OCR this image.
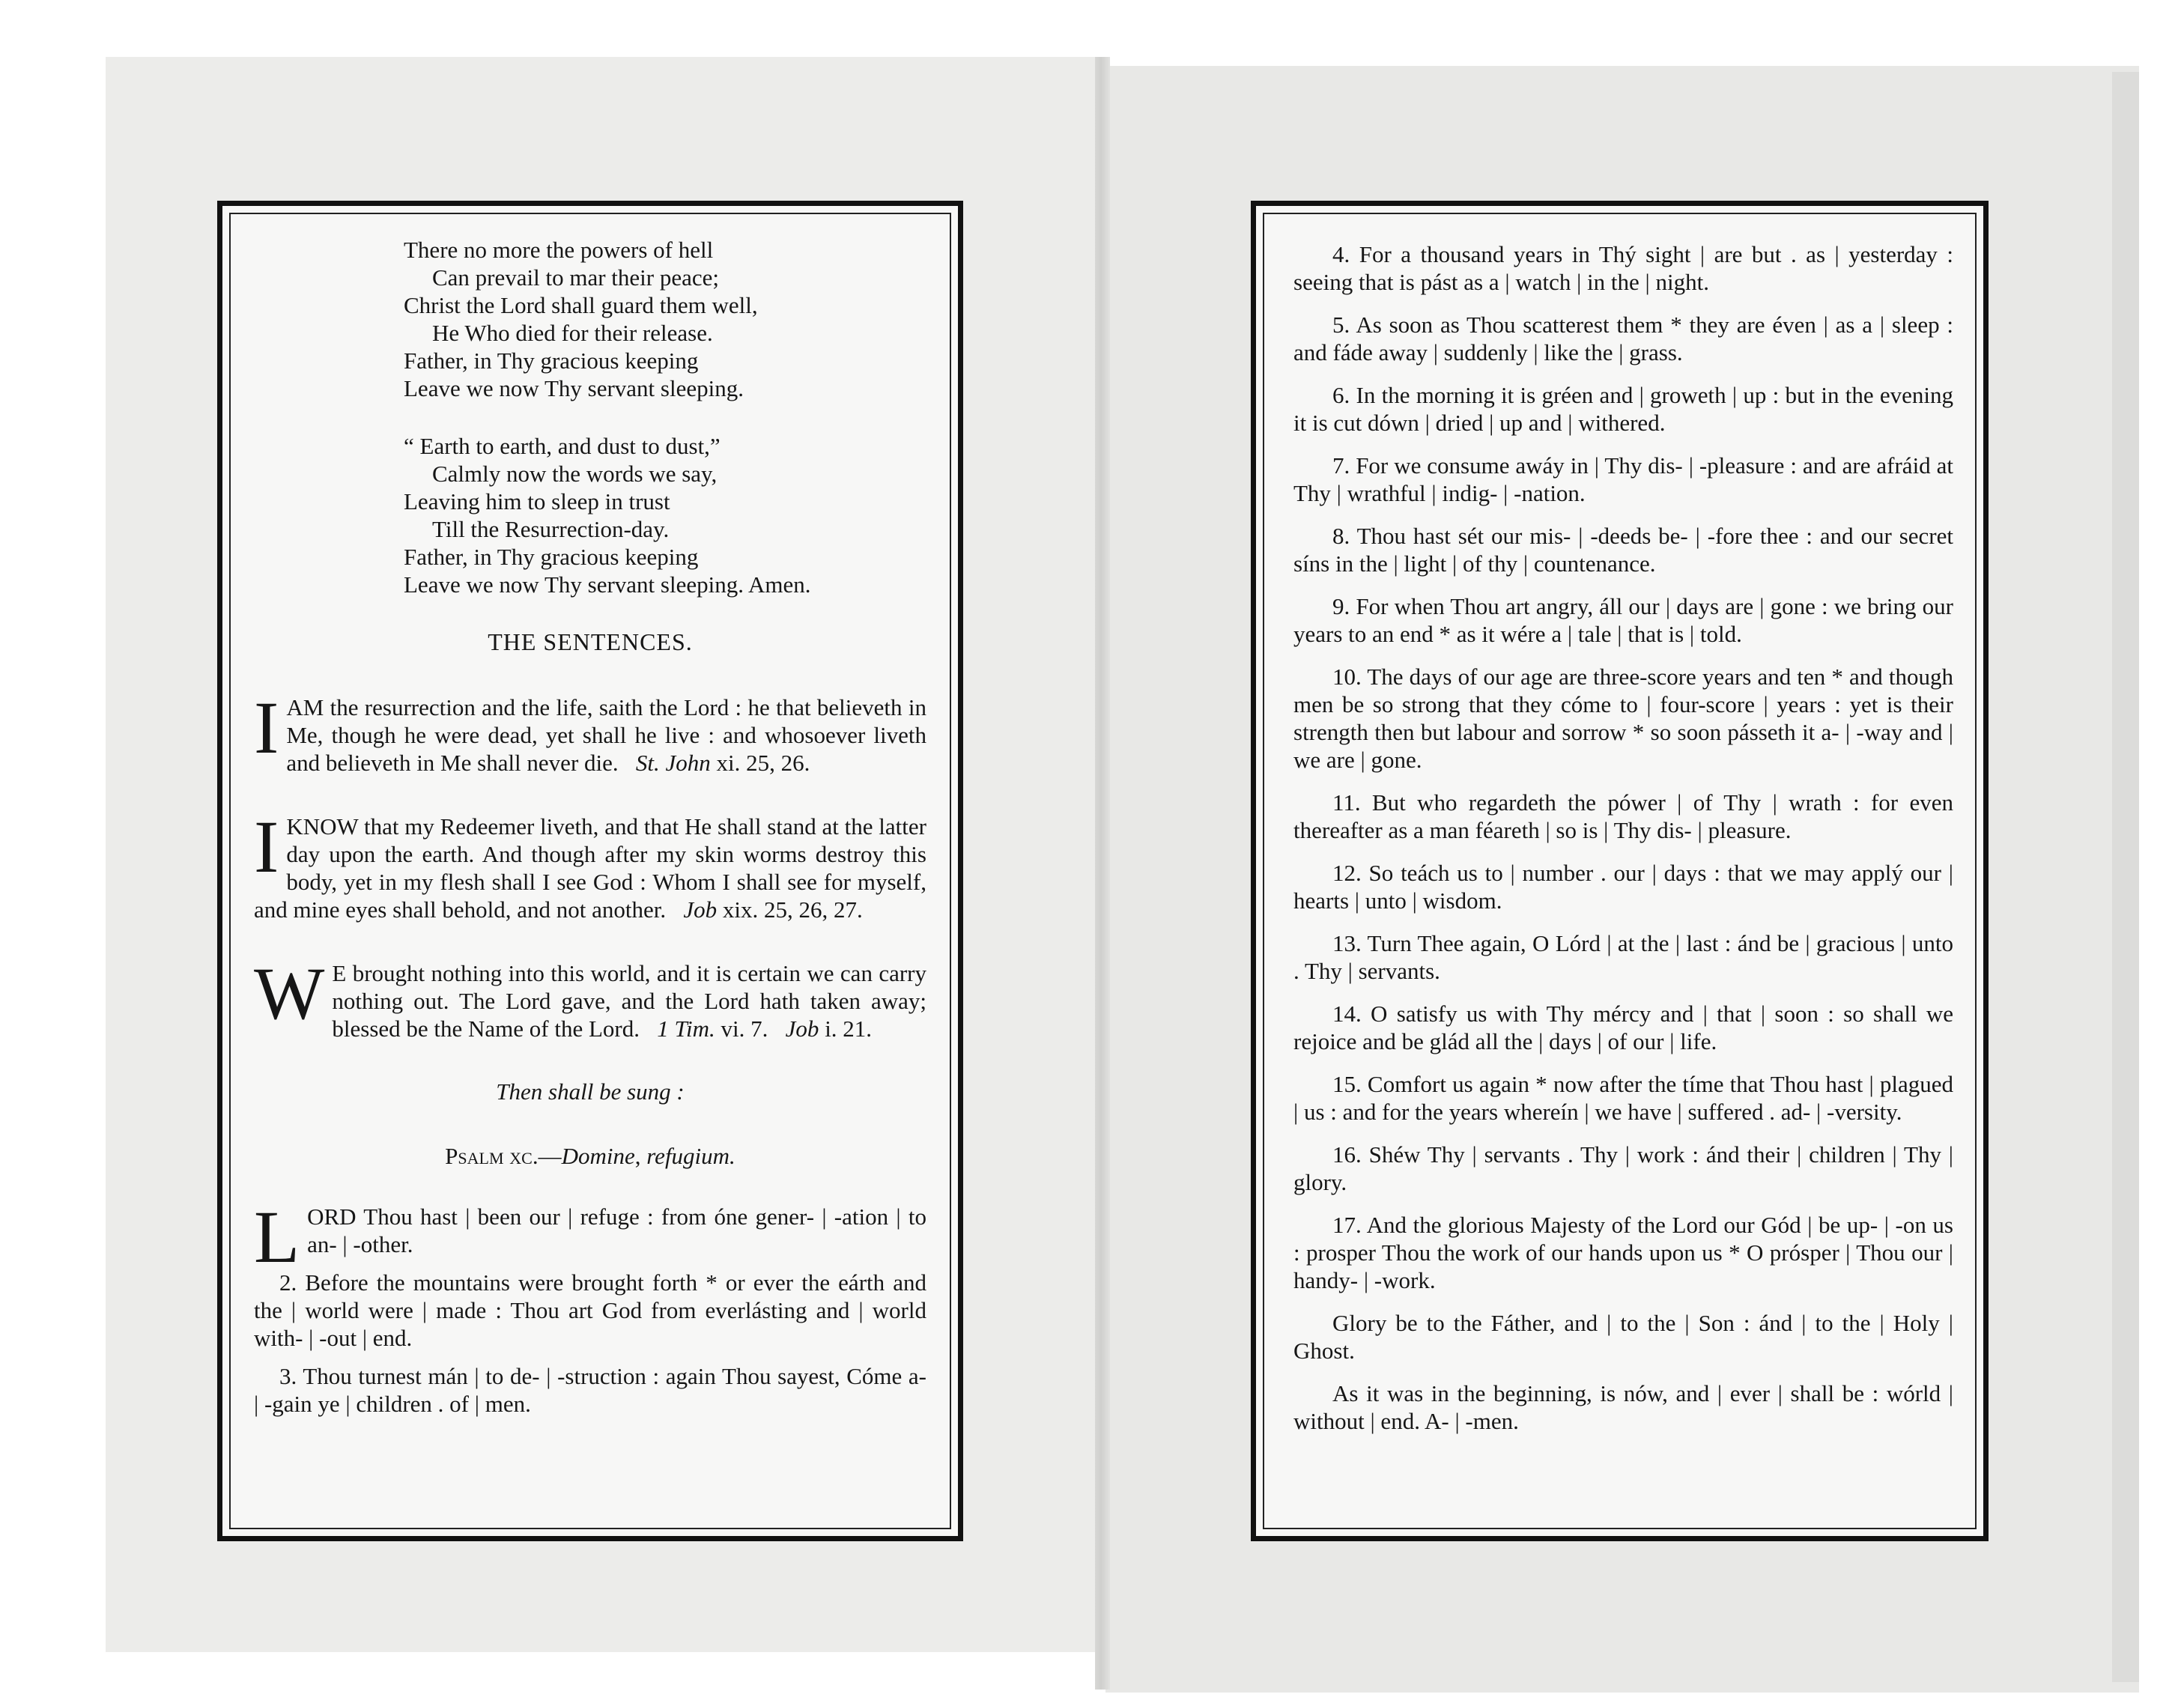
There no more the powers of hell
Can prevail to mar their peace;
Christ the Lord shall guard them well,
He Who died for their release.
Father, in Thy gracious keeping
Leave we now Thy servant sleeping.
“ Earth to earth, and dust to dust,”
Calmly now the words we say,
Leaving him to sleep in trust
Till the Resurrection-day.
Father, in Thy gracious keeping
Leave we now Thy servant sleeping. Amen.
THE SENTENCES.
IAM the resurrection and the life, saith the Lord : he that believeth in Me, though he were dead, yet shall he live : and whosoever liveth and believeth in Me shall never die. St. John xi. 25, 26.
IKNOW that my Redeemer liveth, and that He shall stand at the latter day upon the earth. And though after my skin worms destroy this body, yet in my flesh shall I see God : Whom I shall see for myself, and mine eyes shall behold, and not another. Job xix. 25, 26, 27.
W E brought nothing into this world, and it is certain we can carry nothing out. The Lord gave, and the Lord hath taken away; blessed be the Name of the Lord. 1 Tim. vi. 7. Job i. 21.
Then shall be sung :
Psalm xc.—Domine, refugium.
LORD Thou hast | been our | refuge : from óne gener- | -ation | to an- | -other.
2. Before the mountains were brought forth * or ever the eárth and the | world were | made : Thou art God from everlásting and | world with- | -out | end.
3. Thou turnest mán | to de- | -struction : again Thou sayest, Cóme a- | -gain ye | children . of | men.
4. For a thousand years in Thý sight | are but . as | yesterday : seeing that is pást as a | watch | in the | night.
5. As soon as Thou scatterest them * they are éven | as a | sleep : and fáde away | suddenly | like the | grass.
6. In the morning it is gréen and | groweth | up : but in the evening it is cut dówn | dried | up and | withered.
7. For we consume awáy in | Thy dis- | -pleasure : and are afráid at Thy | wrathful | indig- | -nation.
8. Thou hast sét our mis- | -deeds be- | -fore thee : and our secret síns in the | light | of thy | countenance.
9. For when Thou art angry, áll our | days are | gone : we bring our years to an end * as it wére a | tale | that is | told.
10. The days of our age are three-score years and ten * and though men be so strong that they cóme to | four-score | years : yet is their strength then but labour and sorrow * so soon pásseth it a- | -way and | we are | gone.
11. But who regardeth the pówer | of Thy | wrath : for even thereafter as a man féareth | so is | Thy dis- | pleasure.
12. So teách us to | number . our | days : that we may applý our | hearts | unto | wisdom.
13. Turn Thee again, O Lórd | at the | last : ánd be | gracious | unto . Thy | servants.
14. O satisfy us with Thy mércy and | that | soon : so shall we rejoice and be glád all the | days | of our | life.
15. Comfort us again * now after the tíme that Thou hast | plagued | us : and for the years whereín | we have | suffered . ad- | -versity.
16. Shéw Thy | servants . Thy | work : ánd their | children | Thy | glory.
17. And the glorious Majesty of the Lord our Gód | be up- | -on us : prosper Thou the work of our hands upon us * O prósper | Thou our | handy- | -work.
Glory be to the Fáther, and | to the | Son : ánd | to the | Holy | Ghost.
As it was in the beginning, is nów, and | ever | shall be : wórld | without | end. A- | -men.
